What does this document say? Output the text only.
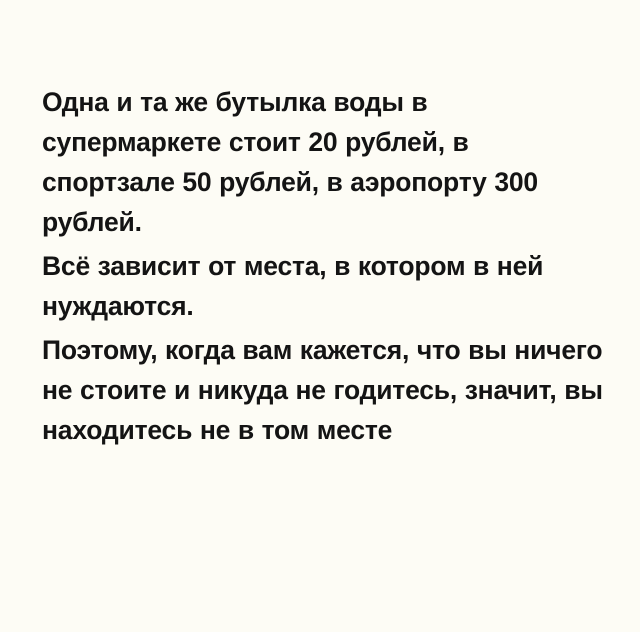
Одна и та же бутылка воды в супермаркете стоит 20 рублей, в спортзале 50 рублей, в аэропорту 300 рублей.

Всё зависит от места, в котором в ней нуждаются.

Поэтому, когда вам кажется, что вы ничего не стоите и никуда не годитесь, значит, вы находитесь не в том месте
